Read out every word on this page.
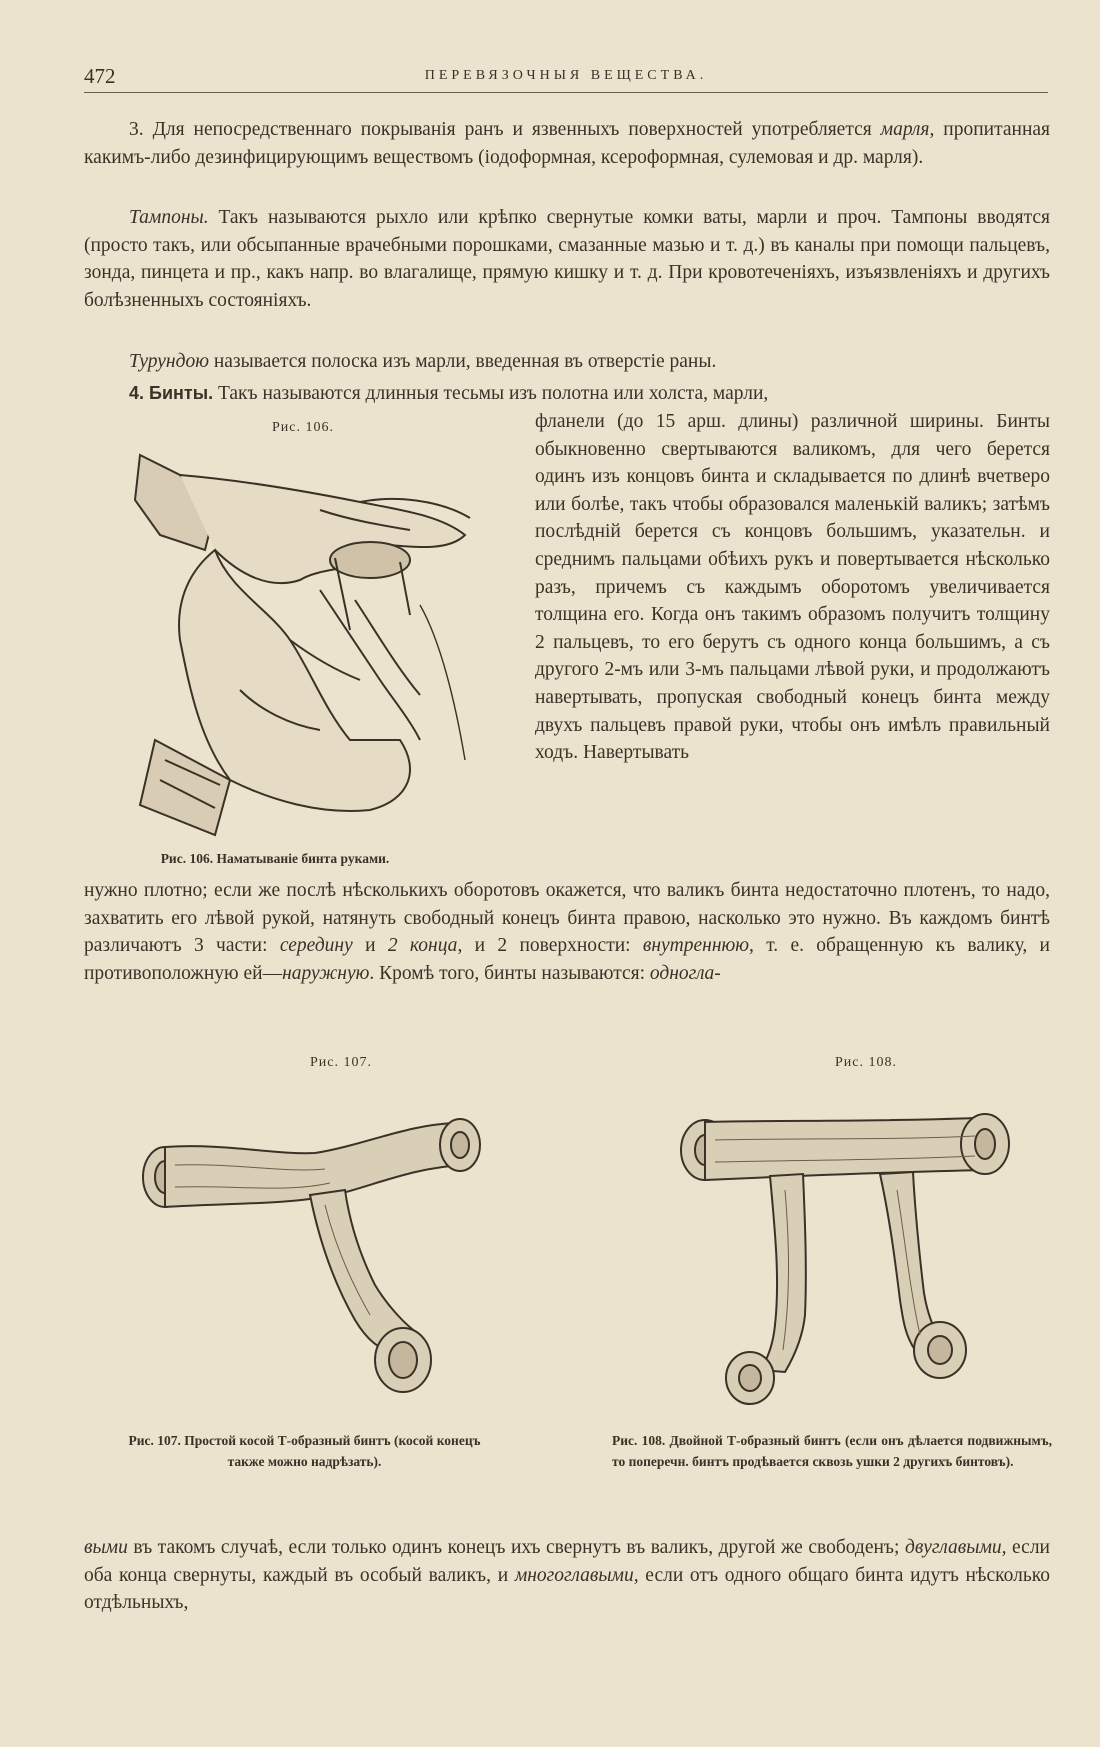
472	ПЕРЕВЯЗОЧНЫЯ ВЕЩЕСТВА.

3. Для непосредственнаго покрыванія ранъ и язвенныхъ поверхностей употребляется марля, пропитанная какимъ-либо дезинфицирующимъ веществомъ (іодоформная, ксероформная, сулемовая и др. марля).

Тампоны. Такъ называются рыхло или крѣпко свернутые комки ваты, марли и проч. Тампоны вводятся (просто такъ, или обсыпанные врачебными порошками, смазанные мазью и т. д.) въ каналы при помощи пальцевъ, зонда, пинцета и пр., какъ напр. во влагалище, прямую кишку и т. д. При кровотеченіяхъ, изъязвленіяхъ и другихъ болѣзненныхъ состояніяхъ.

Турундою называется полоска изъ марли, введенная въ отверстіе раны.

4. Бинты. Такъ называются длинныя тесьмы изъ полотна или холста, марли,

Рис. 106.	фланели (до 15 арш. длины) различной ширины. Бинты обыкновенно свертываются валикомъ, для чего берется одинъ изъ концовъ бинта и складывается по длинѣ вчетверо или болѣе, такъ чтобы образовался маленькій валикъ; затѣмъ послѣдній берется съ концовъ большимъ, указательн. и среднимъ пальцами обѣихъ рукъ и повертывается нѣсколько разъ, причемъ съ каждымъ оборотомъ увеличивается толщина его. Когда онъ такимъ образомъ получитъ толщину 2 пальцевъ, то его берутъ съ одного конца большимъ, а съ другого 2-мъ или 3-мъ пальцами лѣвой руки, и продолжаютъ навертывать, пропуская свободный конецъ бинта между двухъ пальцевъ правой руки, чтобы онъ имѣлъ правильный ходъ. Навертывать

Рис. 106. Наматываніе бинта руками.

нужно плотно; если же послѣ нѣсколькихъ оборотовъ окажется, что валикъ бинта недостаточно плотенъ, то надо, захватить его лѣвой рукой, натянуть свободный конецъ бинта правою, насколько это нужно. Въ каждомъ бинтѣ различаютъ 3 части: середину и 2 конца, и 2 поверхности: внутреннюю, т. е. обращенную къ валику, и противоположную ей—наружную. Кромѣ того, бинты называются: одноглa-

Рис. 107.
Рис. 107. Простой косой Т-образный бинтъ (косой конецъ также можно надрѣзать).
Рис. 108.
Рис. 108. Двойной Т-образный бинтъ (если онъ дѣлается подвижнымъ, то поперечн. бинтъ продѣвается сквозь ушки 2 другихъ бинтовъ).

выми въ такомъ случаѣ, если только одинъ конецъ ихъ свернутъ въ валикъ, другой же свободенъ; двуглавыми, если оба конца свернуты, каждый въ особый валикъ, и многоглавыми, если отъ одного общаго бинта идутъ нѣсколько отдѣльныхъ,
